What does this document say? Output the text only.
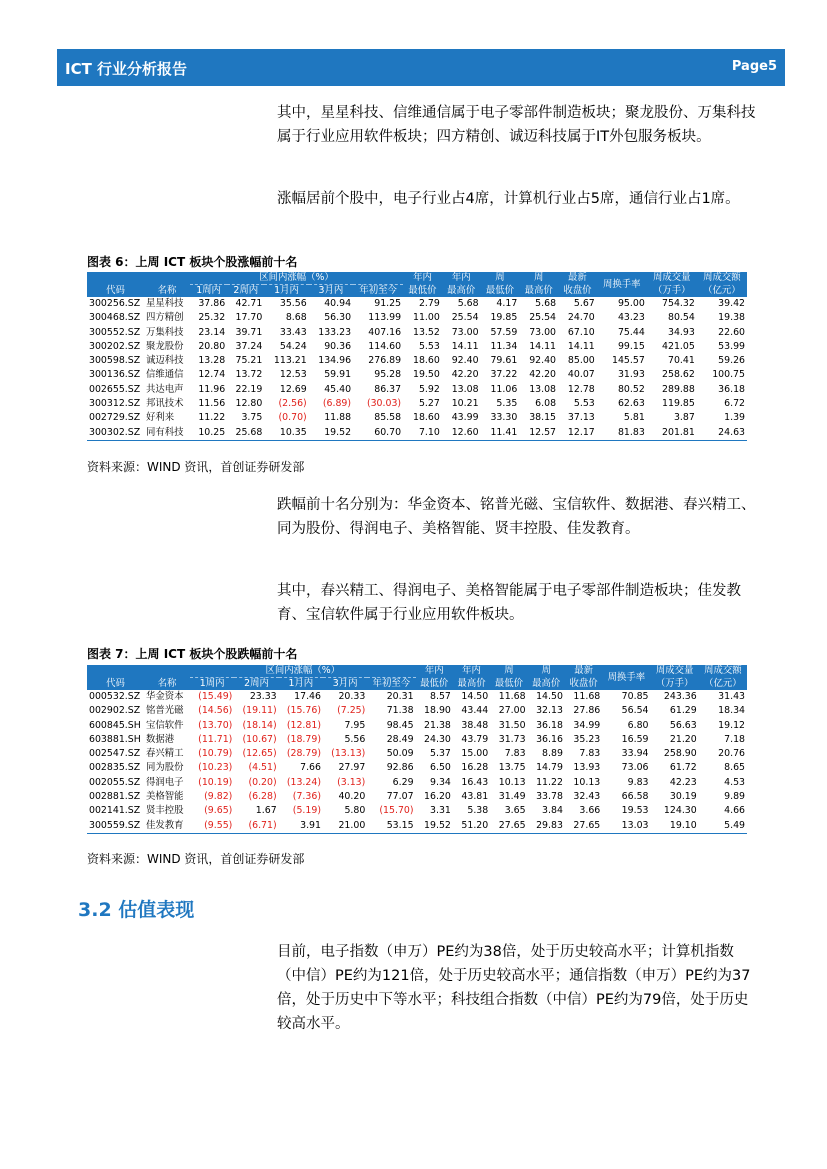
ICT 行业分析报告	Page5

其中，星星科技、信维通信属于电子零部件制造板块；聚龙股份、万集科技属于行业应用软件板块；四方精创、诚迈科技属于IT外包服务板块。

涨幅居前个股中，电子行业占4席，计算机行业占5席，通信行业占1席。

图表 6：上周 ICT 板块个股涨幅前十名
		区间内涨幅（%）					年内	年内	周	周	最新	周换手率	周成交量	周成交额
代码	名称	1周内	2周内	1月内	3月内	年初至今	最低价	最高价	最低价	最高价	收盘价		（万手）	（亿元）
300256.SZ	星星科技	37.86	42.71	35.56	40.94	91.25	2.79	5.68	4.17	5.68	5.67	95.00	754.32	39.42
300468.SZ	四方精创	25.32	17.70	8.68	56.30	113.99	11.00	25.54	19.85	25.54	24.70	43.23	80.54	19.38
300552.SZ	万集科技	23.14	39.71	33.43	133.23	407.16	13.52	73.00	57.59	73.00	67.10	75.44	34.93	22.60
300202.SZ	聚龙股份	20.80	37.24	54.24	90.36	114.60	5.53	14.11	11.34	14.11	14.11	99.15	421.05	53.99
300598.SZ	诚迈科技	13.28	75.21	113.21	134.96	276.89	18.60	92.40	79.61	92.40	85.00	145.57	70.41	59.26
300136.SZ	信维通信	12.74	13.72	12.53	59.91	95.28	19.50	42.20	37.22	42.20	40.07	31.93	258.62	100.75
002655.SZ	共达电声	11.96	22.19	12.69	45.40	86.37	5.92	13.08	11.06	13.08	12.78	80.52	289.88	36.18
300312.SZ	邦讯技术	11.56	12.80	(2.56)	(6.89)	(30.03)	5.27	10.21	5.35	6.08	5.53	62.63	119.85	6.72
002729.SZ	好利来	11.22	3.75	(0.70)	11.88	85.58	18.60	43.99	33.30	38.15	37.13	5.81	3.87	1.39
300302.SZ	同有科技	10.25	25.68	10.35	19.52	60.70	7.10	12.60	11.41	12.57	12.17	81.83	201.81	24.63
资料来源：WIND 资讯，首创证券研发部

跌幅前十名分别为：华金资本、铭普光磁、宝信软件、数据港、春兴精工、同为股份、得润电子、美格智能、贤丰控股、佳发教育。

其中，春兴精工、得润电子、美格智能属于电子零部件制造板块；佳发教育、宝信软件属于行业应用软件板块。

图表 7：上周 ICT 板块个股跌幅前十名
		区间内涨幅（%）					年内	年内	周	周	最新	周换手率	周成交量	周成交额
代码	名称	1周内	2周内	1月内	3月内	年初至今	最低价	最高价	最低价	最高价	收盘价		（万手）	（亿元）
000532.SZ	华金资本	(15.49)	23.33	17.46	20.33	20.31	8.57	14.50	11.68	14.50	11.68	70.85	243.36	31.43
002902.SZ	铭普光磁	(14.56)	(19.11)	(15.76)	(7.25)	71.38	18.90	43.44	27.00	32.13	27.86	56.54	61.29	18.34
600845.SH	宝信软件	(13.70)	(18.14)	(12.81)	7.95	98.45	21.38	38.48	31.50	36.18	34.99	6.80	56.63	19.12
603881.SH	数据港	(11.71)	(10.67)	(18.79)	5.56	28.49	24.30	43.79	31.73	36.16	35.23	16.59	21.20	7.18
002547.SZ	春兴精工	(10.79)	(12.65)	(28.79)	(13.13)	50.09	5.37	15.00	7.83	8.89	7.83	33.94	258.90	20.76
002835.SZ	同为股份	(10.23)	(4.51)	7.66	27.97	92.86	6.50	16.28	13.75	14.79	13.93	73.06	61.72	8.65
002055.SZ	得润电子	(10.19)	(0.20)	(13.24)	(3.13)	6.29	9.34	16.43	10.13	11.22	10.13	9.83	42.23	4.53
002881.SZ	美格智能	(9.82)	(6.28)	(7.36)	40.20	77.07	16.20	43.81	31.49	33.78	32.43	66.58	30.19	9.89
002141.SZ	贤丰控股	(9.65)	1.67	(5.19)	5.80	(15.70)	3.31	5.38	3.65	3.84	3.66	19.53	124.30	4.66
300559.SZ	佳发教育	(9.55)	(6.71)	3.91	21.00	53.15	19.52	51.20	27.65	29.83	27.65	13.03	19.10	5.49
资料来源：WIND 资讯，首创证券研发部
3.2 估值表现

目前，电子指数（申万）PE约为38倍，处于历史较高水平；计算机指数（中信）PE约为121倍，处于历史较高水平；通信指数（申万）PE约为37倍，处于历史中下等水平；科技组合指数（中信）PE约为79倍，处于历史较高水平。
